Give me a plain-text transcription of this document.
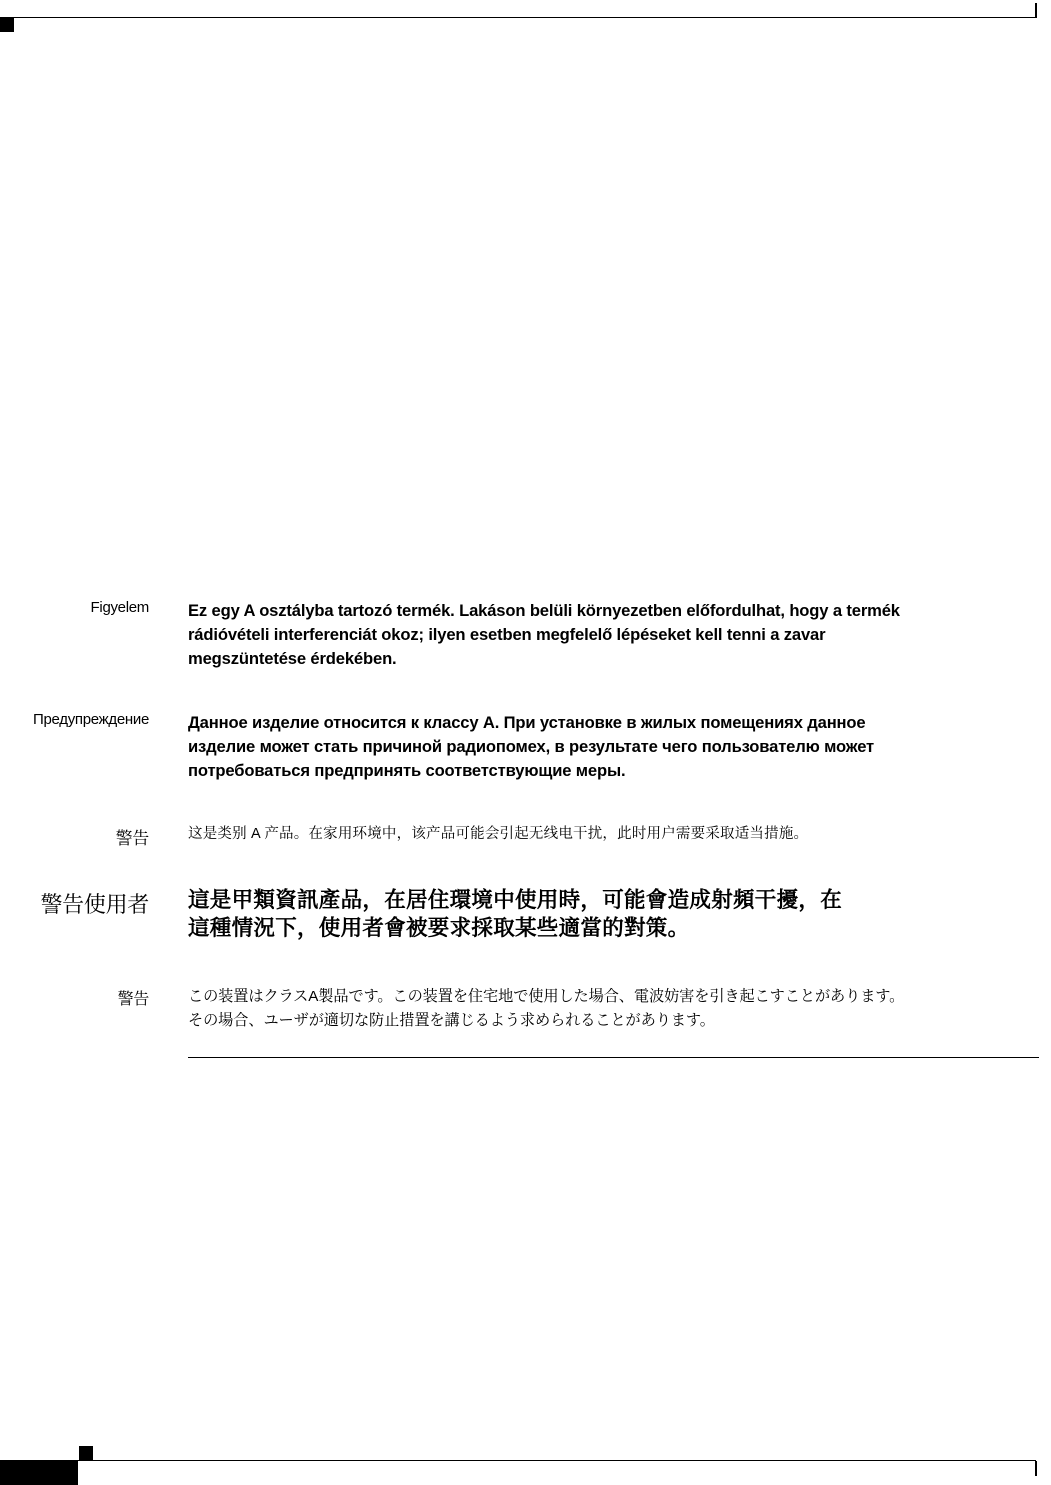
Figyelem Ez egy A osztályba tartozó termék. Lakáson belüli környezetben előfordulhat, hogy a termék
rádióvételi interferenciát okoz; ilyen esetben megfelelő lépéseket kell tenni a zavar
megszüntetése érdekében.
Предупреждение Данное изделие относится к классу А. При установке в жилых помещениях данное
изделие может стать причиной радиопомех, в результате чего пользователю может
потребоваться предпринять соответствующие меры.
警告	这是类别 A 产品。在家用环境中，该产品可能会引起无线电干扰，此时用户需要采取适当措施。
警告使用者 這是甲類資訊產品，在居住環境中使用時，可能會造成射頻干擾，在
這種情況下，使用者會被要求採取某些適當的對策。
警告	この装置はクラスA製品です。この装置を住宅地で使用した場合、電波妨害を引き起こすことがあります。
その場合、ユーザが適切な防止措置を講じるよう求められることがあります。
